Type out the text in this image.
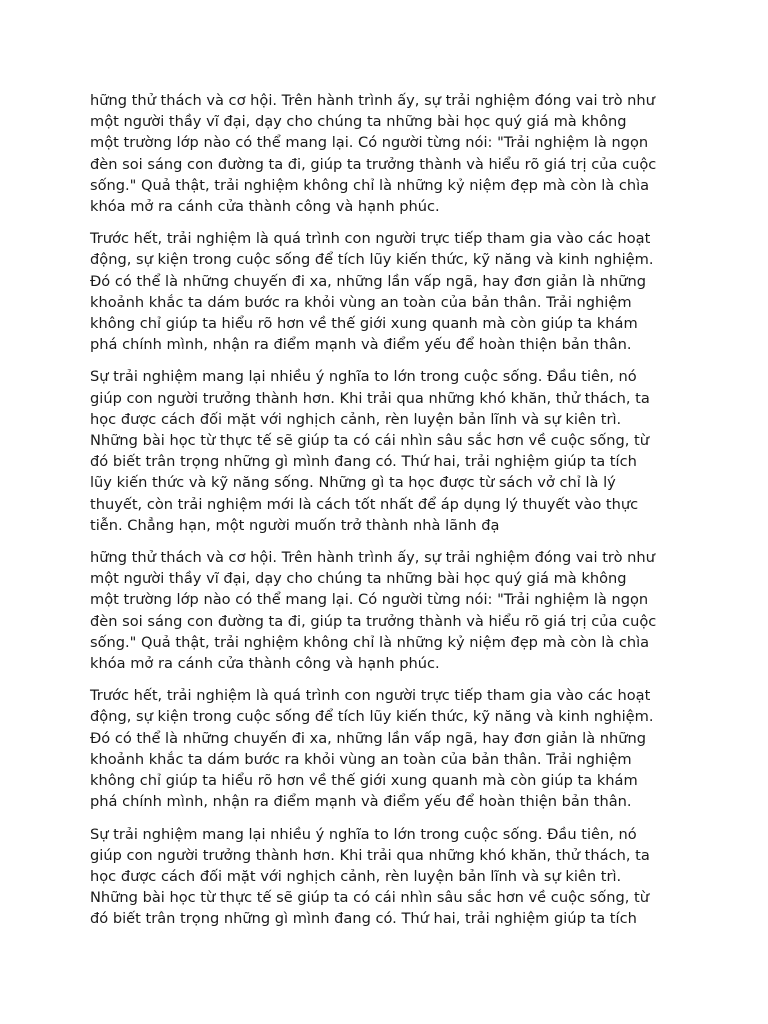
hững thử thách và cơ hội. Trên hành trình ấy, sự trải nghiệm đóng vai trò như
một người thầy vĩ đại, dạy cho chúng ta những bài học quý giá mà không
một trường lớp nào có thể mang lại. Có người từng nói: "Trải nghiệm là ngọn
đèn soi sáng con đường ta đi, giúp ta trưởng thành và hiểu rõ giá trị của cuộc
sống." Quả thật, trải nghiệm không chỉ là những kỷ niệm đẹp mà còn là chìa
khóa mở ra cánh cửa thành công và hạnh phúc.

Trước hết, trải nghiệm là quá trình con người trực tiếp tham gia vào các hoạt
động, sự kiện trong cuộc sống để tích lũy kiến thức, kỹ năng và kinh nghiệm.
Đó có thể là những chuyến đi xa, những lần vấp ngã, hay đơn giản là những
khoảnh khắc ta dám bước ra khỏi vùng an toàn của bản thân. Trải nghiệm
không chỉ giúp ta hiểu rõ hơn về thế giới xung quanh mà còn giúp ta khám
phá chính mình, nhận ra điểm mạnh và điểm yếu để hoàn thiện bản thân.

Sự trải nghiệm mang lại nhiều ý nghĩa to lớn trong cuộc sống. Đầu tiên, nó
giúp con người trưởng thành hơn. Khi trải qua những khó khăn, thử thách, ta
học được cách đối mặt với nghịch cảnh, rèn luyện bản lĩnh và sự kiên trì.
Những bài học từ thực tế sẽ giúp ta có cái nhìn sâu sắc hơn về cuộc sống, từ
đó biết trân trọng những gì mình đang có. Thứ hai, trải nghiệm giúp ta tích
lũy kiến thức và kỹ năng sống. Những gì ta học được từ sách vở chỉ là lý
thuyết, còn trải nghiệm mới là cách tốt nhất để áp dụng lý thuyết vào thực
tiễn. Chẳng hạn, một người muốn trở thành nhà lãnh đạ

hững thử thách và cơ hội. Trên hành trình ấy, sự trải nghiệm đóng vai trò như
một người thầy vĩ đại, dạy cho chúng ta những bài học quý giá mà không
một trường lớp nào có thể mang lại. Có người từng nói: "Trải nghiệm là ngọn
đèn soi sáng con đường ta đi, giúp ta trưởng thành và hiểu rõ giá trị của cuộc
sống." Quả thật, trải nghiệm không chỉ là những kỷ niệm đẹp mà còn là chìa
khóa mở ra cánh cửa thành công và hạnh phúc.

Trước hết, trải nghiệm là quá trình con người trực tiếp tham gia vào các hoạt
động, sự kiện trong cuộc sống để tích lũy kiến thức, kỹ năng và kinh nghiệm.
Đó có thể là những chuyến đi xa, những lần vấp ngã, hay đơn giản là những
khoảnh khắc ta dám bước ra khỏi vùng an toàn của bản thân. Trải nghiệm
không chỉ giúp ta hiểu rõ hơn về thế giới xung quanh mà còn giúp ta khám
phá chính mình, nhận ra điểm mạnh và điểm yếu để hoàn thiện bản thân.

Sự trải nghiệm mang lại nhiều ý nghĩa to lớn trong cuộc sống. Đầu tiên, nó
giúp con người trưởng thành hơn. Khi trải qua những khó khăn, thử thách, ta
học được cách đối mặt với nghịch cảnh, rèn luyện bản lĩnh và sự kiên trì.
Những bài học từ thực tế sẽ giúp ta có cái nhìn sâu sắc hơn về cuộc sống, từ
đó biết trân trọng những gì mình đang có. Thứ hai, trải nghiệm giúp ta tích
